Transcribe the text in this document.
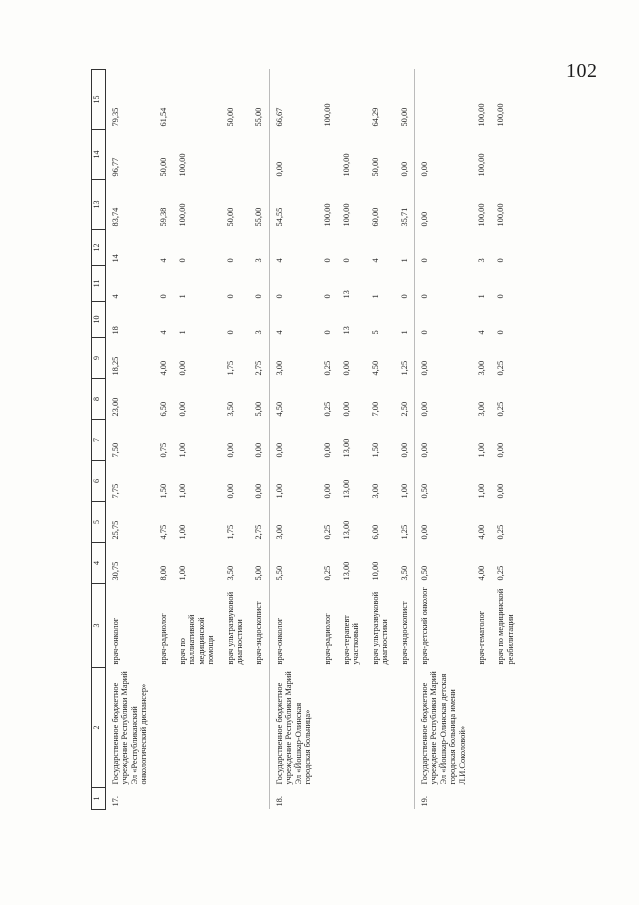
102
1	2	3	4	5	6	7	8	9	10	11	12	13	14	15
17.	Государственное бюджетное учреждение Республики Марий Эл «Республиканский онкологический диспансер»	врач-онколог	30,75	25,75	7,75	7,50	23,00	18,25	18	4	14	83,74	96,77	79,35
		врач-радиолог	8,00	4,75	1,50	0,75	6,50	4,00	4	0	4	59,38	50,00	61,54
		врач по паллиативной медицинской помощи	1,00	1,00	1,00	1,00	0,00	0,00	1	1	0	100,00	100,00	
		врач ультразвуковой диагностики	3,50	1,75	0,00	0,00	3,50	1,75	0	0	0	50,00		50,00
		врач-эндоскопист	5,00	2,75	0,00	0,00	5,00	2,75	3	0	3	55,00		55,00
18.	Государственное бюджетное учреждение Республики Марий Эл «Йошкар-Олинская городская больница»	врач-онколог	5,50	3,00	1,00	0,00	4,50	3,00	4	0	4	54,55	0,00	66,67
		врач-радиолог	0,25	0,25	0,00	0,00	0,25	0,25	0	0	0	100,00		100,00
		врач-терапевт участковый	13,00	13,00	13,00	13,00	0,00	0,00	13	13	0	100,00	100,00	
		врач ультразвуковой диагностики	10,00	6,00	3,00	1,50	7,00	4,50	5	1	4	60,00	50,00	64,29
		врач-эндоскопист	3,50	1,25	1,00	0,00	2,50	1,25	1	0	1	35,71	0,00	50,00
19.	Государственное бюджетное учреждение Республики Марий Эл «Йошкар-Олинская детская городская больница имени Л.И.Соколовой»	врач-детский онколог	0,50	0,00	0,50	0,00	0,00	0,00	0	0	0	0,00	0,00	
		врач-гематолог	4,00	4,00	1,00	1,00	3,00	3,00	4	1	3	100,00	100,00	100,00
		врач по медицинской реабилитации	0,25	0,25	0,00	0,00	0,25	0,25	0	0	0	100,00		100,00
